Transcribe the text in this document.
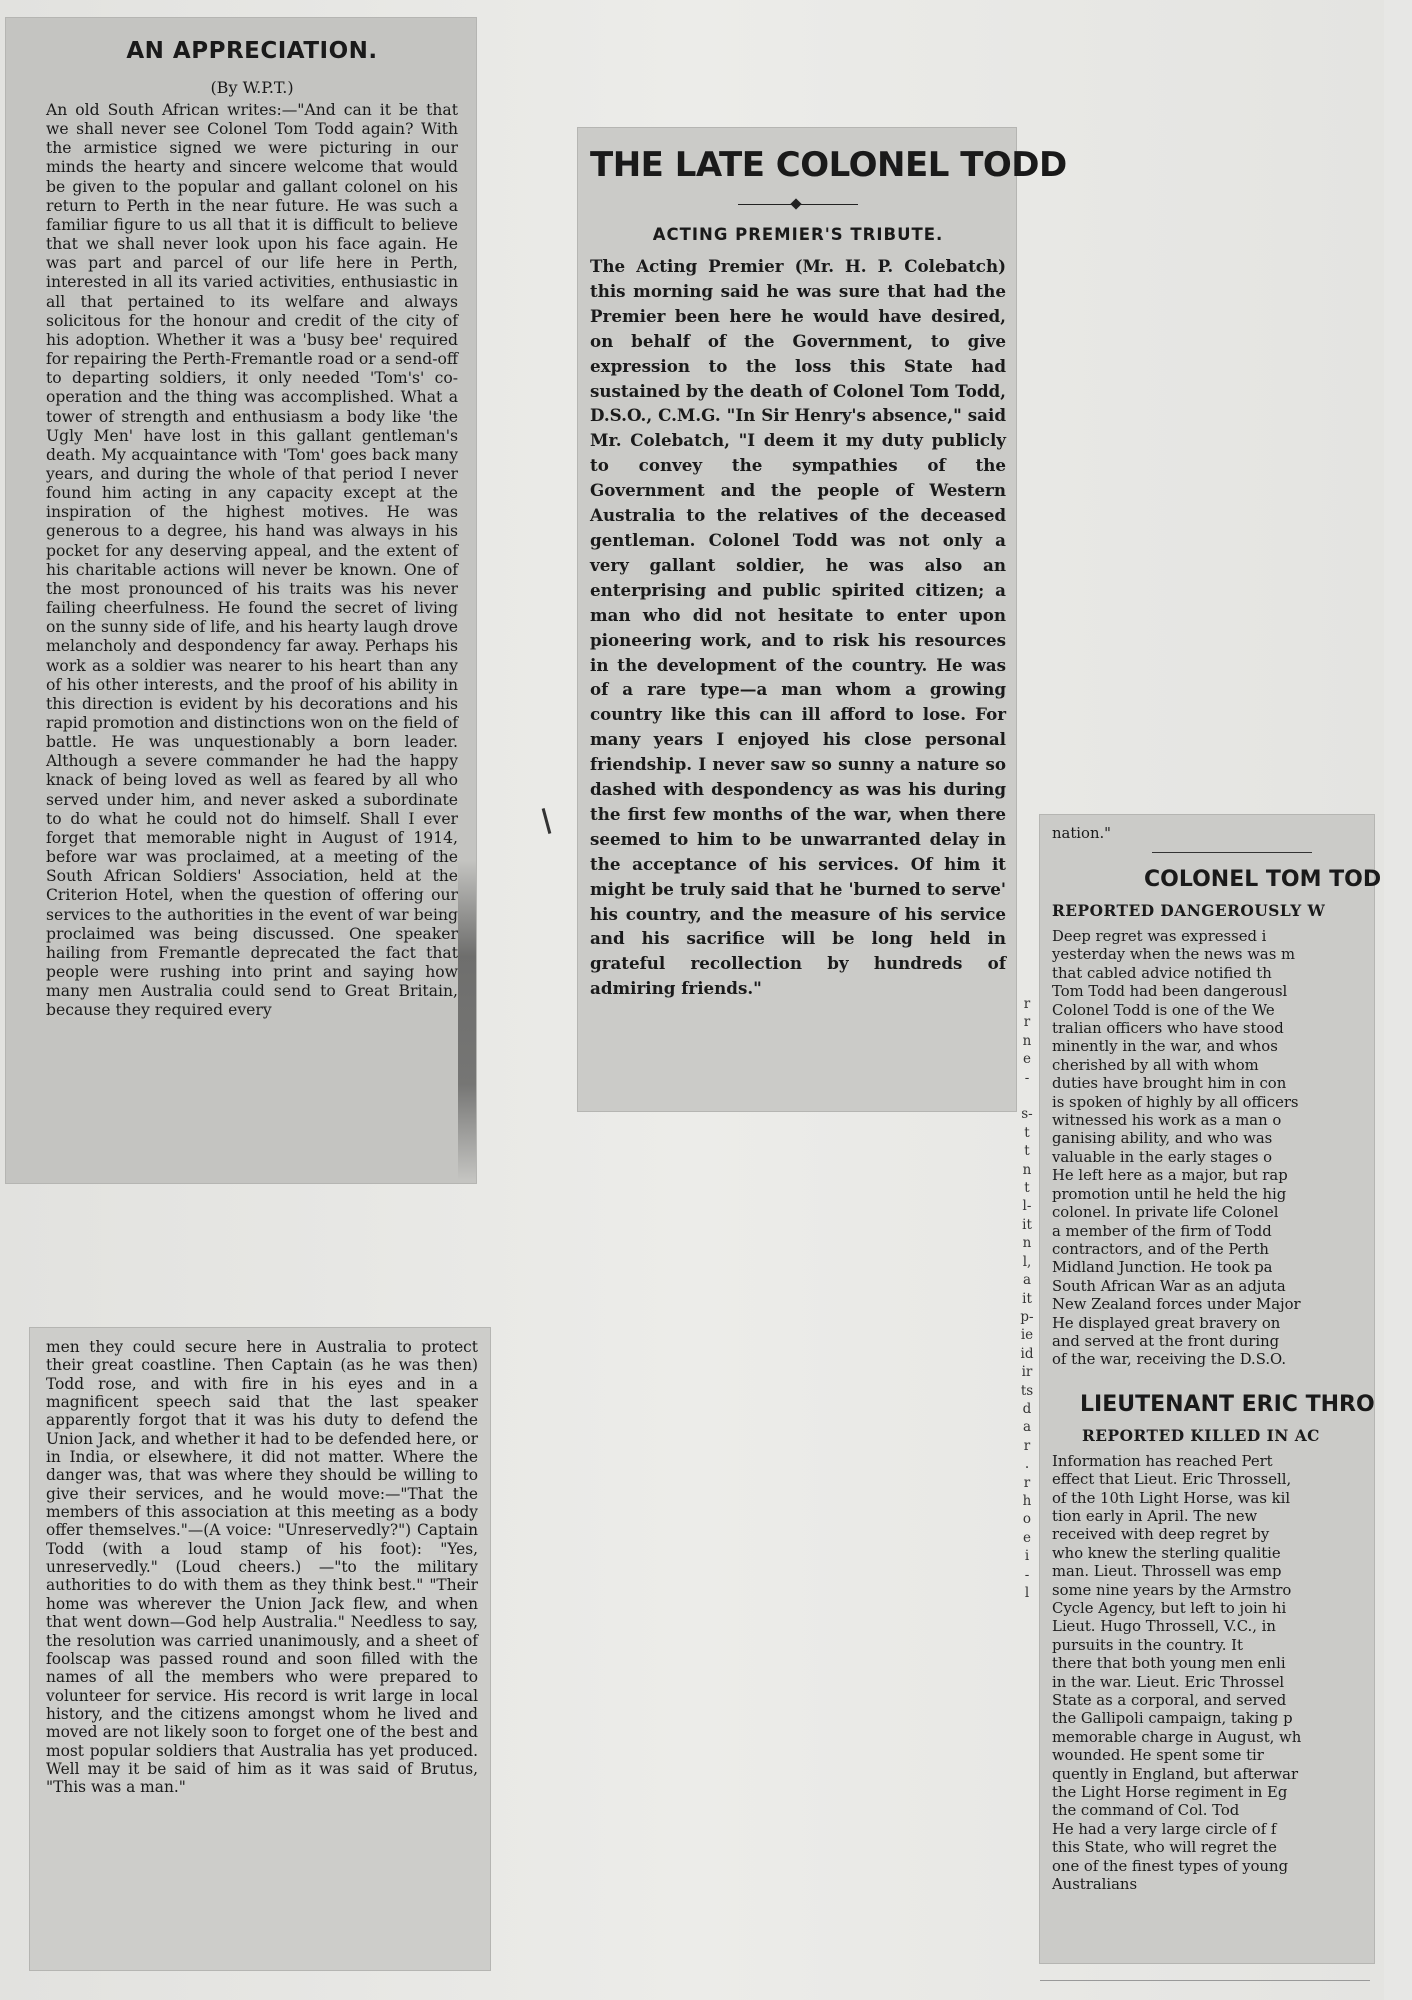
AN APPRECIATION.

(By W.P.T.)

An old South African writes:—"And can it be that we shall never see Colonel Tom Todd again? With the armistice signed we were picturing in our minds the hearty and sincere welcome that would be given to the popular and gallant colonel on his return to Perth in the near future. He was such a familiar figure to us all that it is difficult to believe that we shall never look upon his face again. He was part and parcel of our life here in Perth, interested in all its varied activities, enthusiastic in all that pertained to its welfare and always solicitous for the honour and credit of the city of his adoption. Whether it was a 'busy bee' required for repairing the Perth-Fremantle road or a send-off to departing soldiers, it only needed 'Tom's' co-operation and the thing was accomplished. What a tower of strength and enthusiasm a body like 'the Ugly Men' have lost in this gallant gentleman's death. My acquaintance with 'Tom' goes back many years, and during the whole of that period I never found him acting in any capacity except at the inspiration of the highest motives. He was generous to a degree, his hand was always in his pocket for any deserving appeal, and the extent of his charitable actions will never be known. One of the most pronounced of his traits was his never failing cheerfulness. He found the secret of living on the sunny side of life, and his hearty laugh drove melancholy and despondency far away. Perhaps his work as a soldier was nearer to his heart than any of his other interests, and the proof of his ability in this direction is evident by his decorations and his rapid promotion and distinctions won on the field of battle. He was unquestionably a born leader. Although a severe commander he had the happy knack of being loved as well as feared by all who served under him, and never asked a subordinate to do what he could not do himself. Shall I ever forget that memorable night in August of 1914, before war was proclaimed, at a meeting of the South African Soldiers' Association, held at the Criterion Hotel, when the question of offering our services to the authorities in the event of war being proclaimed was being discussed. One speaker hailing from Fremantle deprecated the fact that people were rushing into print and saying how many men Australia could send to Great Britain, because they required every

THE LATE COLONEL TODD
ACTING PREMIER'S TRIBUTE.

The Acting Premier (Mr. H. P. Colebatch) this morning said he was sure that had the Premier been here he would have desired, on behalf of the Government, to give expression to the loss this State had sustained by the death of Colonel Tom Todd, D.S.O., C.M.G. "In Sir Henry's absence," said Mr. Colebatch, "I deem it my duty publicly to convey the sympathies of the Government and the people of Western Australia to the relatives of the deceased gentleman. Colonel Todd was not only a very gallant soldier, he was also an enterprising and public spirited citizen; a man who did not hesitate to enter upon pioneering work, and to risk his resources in the development of the country. He was of a rare type—a man whom a growing country like this can ill afford to lose. For many years I enjoyed his close personal friendship. I never saw so sunny a nature so dashed with despondency as was his during the first few months of the war, when there seemed to him to be unwarranted delay in the acceptance of his services. Of him it might be truly said that he 'burned to serve' his country, and the measure of his service and his sacrifice will be long held in grateful recollection by hundreds of admiring friends."

men they could secure here in Australia to protect their great coastline. Then Captain (as he was then) Todd rose, and with fire in his eyes and in a magnificent speech said that the last speaker apparently forgot that it was his duty to defend the Union Jack, and whether it had to be defended here, or in India, or elsewhere, it did not matter. Where the danger was, that was where they should be willing to give their services, and he would move:—"That the members of this association at this meeting as a body offer themselves."—(A voice: "Unreservedly?") Captain Todd (with a loud stamp of his foot): "Yes, unreservedly." (Loud cheers.) —"to the military authorities to do with them as they think best." "Their home was wherever the Union Jack flew, and when that went down—God help Australia." Needless to say, the resolution was carried unanimously, and a sheet of foolscap was passed round and soon filled with the names of all the members who were prepared to volunteer for service. His record is writ large in local history, and the citizens amongst whom he lived and moved are not likely soon to forget one of the best and most popular soldiers that Australia has yet produced. Well may it be said of him as it was said of Brutus, "This was a man."

r
r
n
e
-

s-
t
t
n
t
l-
it
n
l,
a
it
p-
ie
id
ir
ts
d
a
r
.
r
h
o
e
i
-
l

nation."

COLONEL TOM TOD
REPORTED DANGEROUSLY W

Deep regret was expressed i
yesterday when the news was m
that cabled advice notified th
Tom Todd had been dangerousl
Colonel Todd is one of the We
tralian officers who have stood
minently in the war, and whos
cherished by all with whom
duties have brought him in con
is spoken of highly by all officers
witnessed his work as a man o
ganising ability, and who was
valuable in the early stages o
He left here as a major, but rap
promotion until he held the hig
colonel. In private life Colonel
a member of the firm of Todd
contractors, and of the Perth
Midland Junction. He took pa
South African War as an adjuta
New Zealand forces under Major
He displayed great bravery on
and served at the front during
of the war, receiving the D.S.O.

LIEUTENANT ERIC THRO
REPORTED KILLED IN AC

Information has reached Pert
effect that Lieut. Eric Throssell,
of the 10th Light Horse, was kil
tion early in April. The new
received with deep regret by
who knew the sterling qualitie
man. Lieut. Throssell was emp
some nine years by the Armstro
Cycle Agency, but left to join hi
Lieut. Hugo Throssell, V.C., in
pursuits in the country. It
there that both young men enli
in the war. Lieut. Eric Throssel
State as a corporal, and served
the Gallipoli campaign, taking p
memorable charge in August, wh
wounded. He spent some tir
quently in England, but afterwar
the Light Horse regiment in Eg
the command of Col. Tod
He had a very large circle of f
this State, who will regret the
one of the finest types of young
Australians
